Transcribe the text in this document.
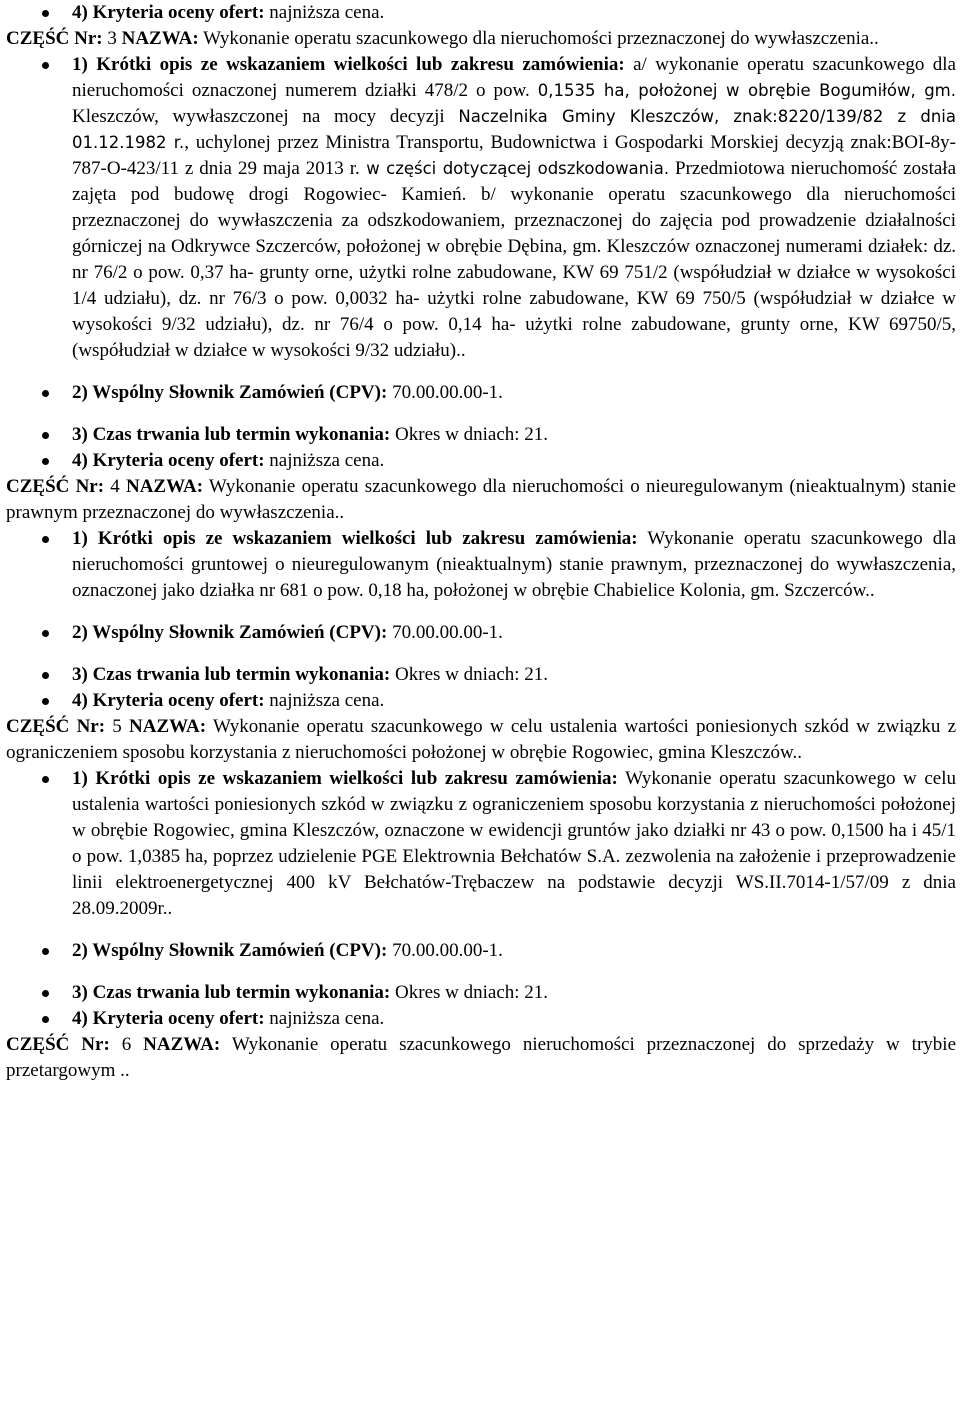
4) Kryteria oceny ofert: najniższa cena.

CZĘŚĆ Nr: 3 NAZWA: Wykonanie operatu szacunkowego dla nieruchomości przeznaczonej do wywłaszczenia..

1) Krótki opis ze wskazaniem wielkości lub zakresu zamówienia: a/ wykonanie operatu szacunkowego dla nieruchomości oznaczonej numerem działki 478/2 o pow. 0,1535 ha, położonej w obrębie Bogumiłów, gm. Kleszczów, wywłaszczonej na mocy decyzji Naczelnika Gminy Kleszczów, znak:8220/139/82 z dnia 01.12.1982 r., uchylonej przez Ministra Transportu, Budownictwa i Gospodarki Morskiej decyzją znak:BOI-8y-787-O-423/11 z dnia 29 maja 2013 r. w części dotyczącej odszkodowania. Przedmiotowa nieruchomość została zajęta pod budowę drogi Rogowiec- Kamień. b/ wykonanie operatu szacunkowego dla nieruchomości przeznaczonej do wywłaszczenia za odszkodowaniem, przeznaczonej do zajęcia pod prowadzenie działalności górniczej na Odkrywce Szczerców, położonej w obrębie Dębina, gm. Kleszczów oznaczonej numerami działek: dz. nr 76/2 o pow. 0,37 ha- grunty orne, użytki rolne zabudowane, KW 69 751/2 (współudział w działce w wysokości 1/4 udziału), dz. nr 76/3 o pow. 0,0032 ha- użytki rolne zabudowane, KW 69 750/5 (współudział w działce w wysokości 9/32 udziału), dz. nr 76/4 o pow. 0,14 ha- użytki rolne zabudowane, grunty orne, KW 69750/5, (współudział w działce w wysokości 9/32 udziału)..
2) Wspólny Słownik Zamówień (CPV): 70.00.00.00-1.
3) Czas trwania lub termin wykonania: Okres w dniach: 21.
4) Kryteria oceny ofert: najniższa cena.

CZĘŚĆ Nr: 4 NAZWA: Wykonanie operatu szacunkowego dla nieruchomości o nieuregulowanym (nieaktualnym) stanie prawnym przeznaczonej do wywłaszczenia..

1) Krótki opis ze wskazaniem wielkości lub zakresu zamówienia: Wykonanie operatu szacunkowego dla nieruchomości gruntowej o nieuregulowanym (nieaktualnym) stanie prawnym, przeznaczonej do wywłaszczenia, oznaczonej jako działka nr 681 o pow. 0,18 ha, położonej w obrębie Chabielice Kolonia, gm. Szczerców..
2) Wspólny Słownik Zamówień (CPV): 70.00.00.00-1.
3) Czas trwania lub termin wykonania: Okres w dniach: 21.
4) Kryteria oceny ofert: najniższa cena.

CZĘŚĆ Nr: 5 NAZWA: Wykonanie operatu szacunkowego w celu ustalenia wartości poniesionych szkód w związku z ograniczeniem sposobu korzystania z nieruchomości położonej w obrębie Rogowiec, gmina Kleszczów..

1) Krótki opis ze wskazaniem wielkości lub zakresu zamówienia: Wykonanie operatu szacunkowego w celu ustalenia wartości poniesionych szkód w związku z ograniczeniem sposobu korzystania z nieruchomości położonej w obrębie Rogowiec, gmina Kleszczów, oznaczone w ewidencji gruntów jako działki nr 43 o pow. 0,1500 ha i 45/1 o pow. 1,0385 ha, poprzez udzielenie PGE Elektrownia Bełchatów S.A. zezwolenia na założenie i przeprowadzenie linii elektroenergetycznej 400 kV Bełchatów-Trębaczew na podstawie decyzji WS.II.7014-1/57/09 z dnia 28.09.2009r..
2) Wspólny Słownik Zamówień (CPV): 70.00.00.00-1.
3) Czas trwania lub termin wykonania: Okres w dniach: 21.
4) Kryteria oceny ofert: najniższa cena.

CZĘŚĆ Nr: 6 NAZWA: Wykonanie operatu szacunkowego nieruchomości przeznaczonej do sprzedaży w trybie przetargowym ..
